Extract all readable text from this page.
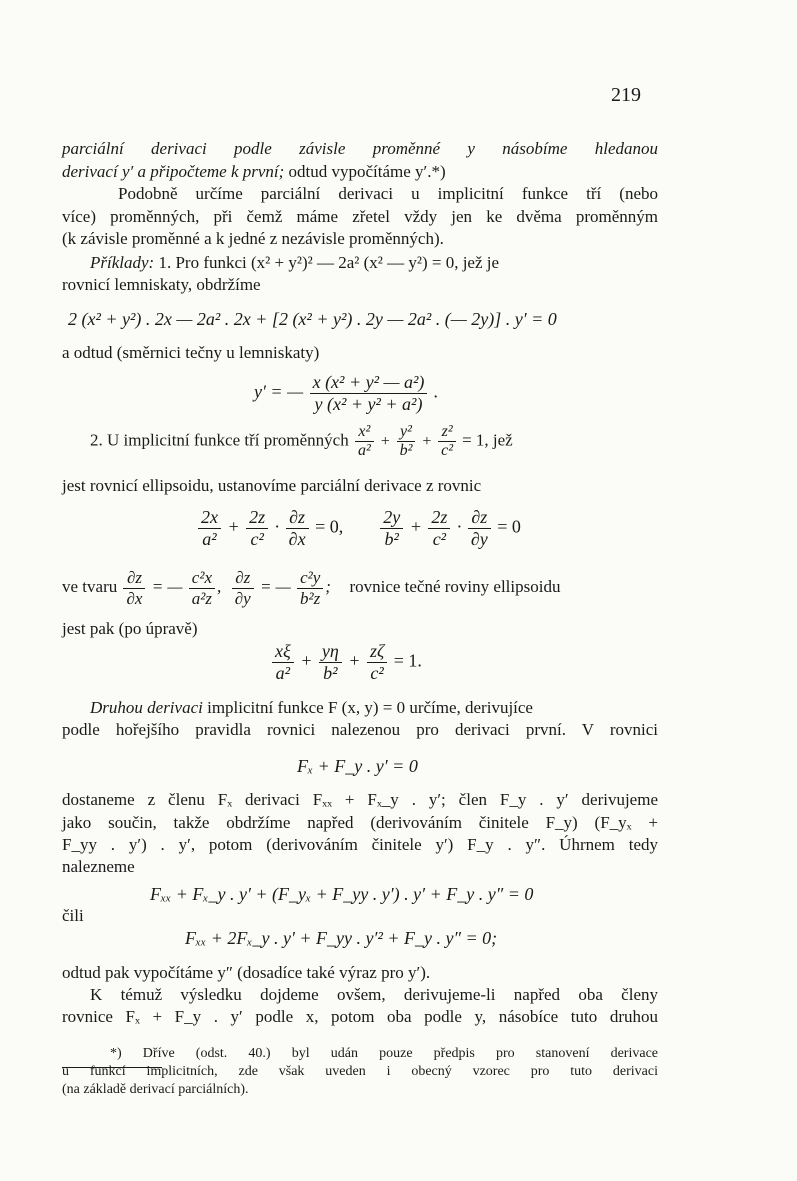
219
parciální derivaci podle závisle proměnné y násobíme hledanou
derivací y′ a připočteme k první; odtud vypočítáme y′.*)
Podobně určíme parciální derivaci u implicitní funkce tří (nebo
více) proměnných, při čemž máme zřetel vždy jen ke dvěma proměnným
(k závisle proměnné a k jedné z nezávisle proměnných).
Příklady: 1. Pro funkci (x² + y²)² — 2a² (x² — y²) = 0, jež je
rovnicí lemniskaty, obdržíme
2 (x² + y²) . 2x — 2a² . 2x + [2 (x² + y²) . 2y — 2a² . (— 2y)] . y′ = 0
a odtud (směrnici tečny u lemniskaty)
y′ = — $\frac{\text{x (x² + y² — a²)}}{\text{y (x² + y² + a²)}}$ .
2. U implicitní funkce tří proměnných $\frac{\text{x²}}{\text{a²}} + \frac{\text{y²}}{\text{b²}} + \frac{\text{z²}}{\text{c²}} = 1$, jež
jest rovnicí ellipsoidu, ustanovíme parciální derivace z rovnic
$\frac{2x}{\text{a²}} + \frac{2z}{\text{c²}} \cdot \frac{\partial z}{\partial x} = 0$, $\frac{2y}{\text{b²}} + \frac{2z}{\text{c²}} \cdot \frac{\partial z}{\partial y} = 0$
ve tvaru $\frac{\partial z}{\partial x}$ = — $\frac{\text{c²x}}{\text{a²z}}$ , $\frac{\partial z}{\partial y}$ = — $\frac{\text{c²y}}{\text{b²z}}$ ;  rovnice tečné roviny ellipsoidu
jest pak (po úpravě)
$\frac{x\xi}{\text{a²}} + \frac{y\eta}{\text{b²}} + \frac{z\zeta}{\text{c²}} = 1$.
Druhou derivaci implicitní funkce F (x, y) = 0 určíme, derivujíce
podle hořejšího pravidla rovnici nalezenou pro derivaci první. V rovnici
Fₓ + F_y . y′ = 0
dostaneme z členu Fₓ derivaci Fₓₓ + Fₓ_y . y′; člen F_y . y′ derivujeme
jako součin, takže obdržíme napřed (derivováním činitele F_y) (F_yₓ +
F_yy . y′) . y′, potom (derivováním činitele y′) F_y . y″. Úhrnem tedy
nalezneme
Fₓₓ + Fₓ_y . y′ + (F_yₓ + F_yy . y′) . y′ + F_y . y″ = 0
čili
Fₓₓ + 2Fₓ_y . y′ + F_yy . y′² + F_y . y″ = 0;
odtud pak vypočítáme y″ (dosadíce také výraz pro y′).
K témuž výsledku dojdeme ovšem, derivujeme-li napřed oba členy
rovnice Fₓ + F_y . y′ podle x, potom oba podle y, násobíce tuto druhou
*) Dříve (odst. 40.) byl udán pouze předpis pro stanovení derivace
u funkcí implicitních, zde však uveden i obecný vzorec pro tuto derivaci
(na základě derivací parciálních).
